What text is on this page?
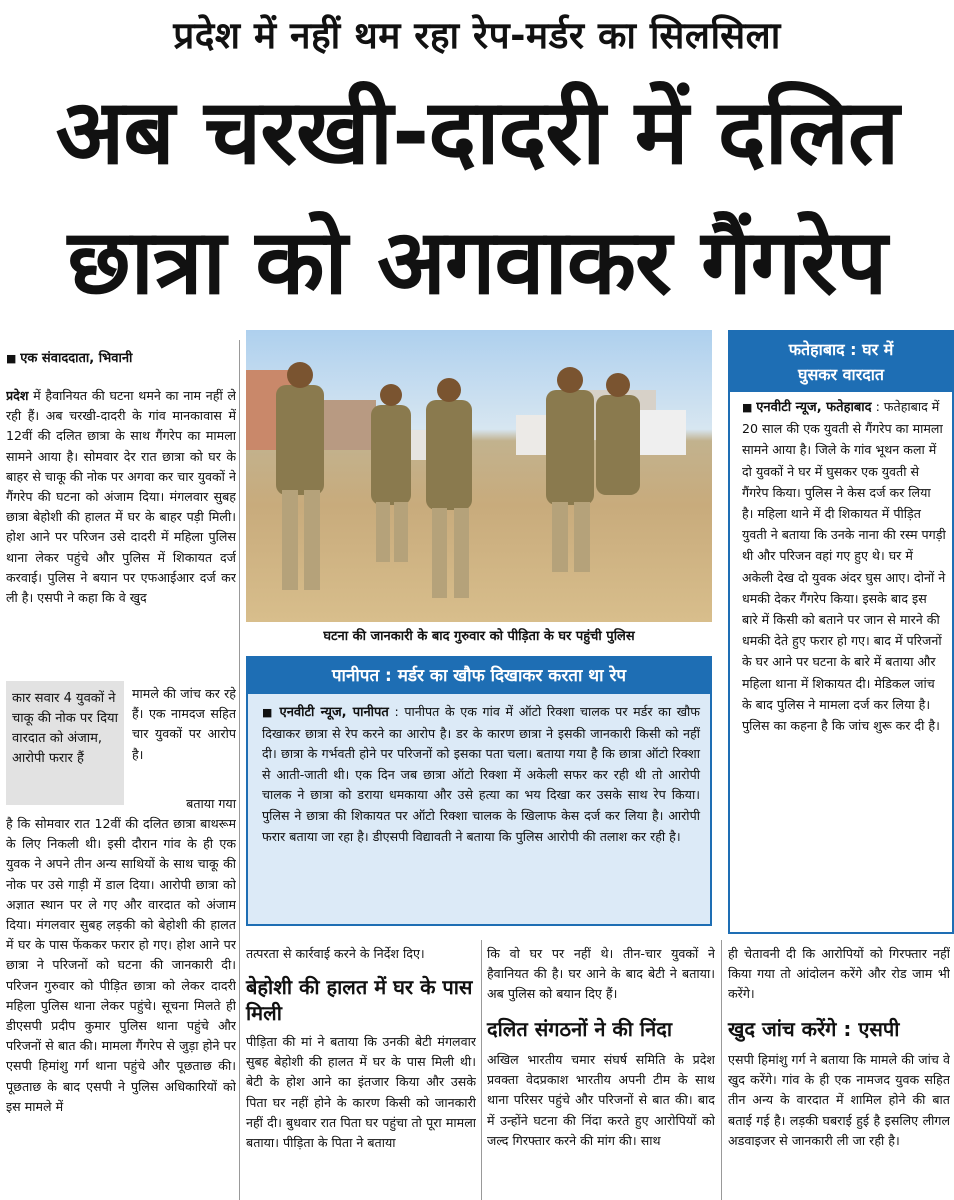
प्रदेश में नहीं थम रहा रेप-मर्डर का सिलसिला
अब चरखी-दादरी में दलित
छात्रा को अगवाकर गैंगरेप
■ एक संवाददाता, भिवानी
प्रदेश में हैवानियत की घटना थमने का नाम नहीं ले रही हैं। अब चरखी-दादरी के गांव मानकावास में 12वीं की दलित छात्रा के साथ गैंगरेप का मामला सामने आया है। सोमवार देर रात छात्रा को घर के बाहर से चाकू की नोक पर अगवा कर चार युवकों ने गैंगरेप की घटना को अंजाम दिया। मंगलवार सुबह छात्रा बेहोशी की हालत में घर के बाहर पड़ी मिली। होश आने पर परिजन उसे दादरी में महिला पुलिस थाना लेकर पहुंचे और पुलिस में शिकायत दर्ज करवाई। पुलिस ने बयान पर एफआईआर दर्ज कर ली है। एसपी ने कहा कि वे खुद
कार सवार 4 युवकों ने चाकू की नोक पर दिया वारदात को अंजाम, आरोपी फरार हैं
मामले की जांच कर रहे हैं। एक नामदज सहित चार युवकों पर आरोप है।
बताया गया
है कि सोमवार रात 12वीं की दलित छात्रा बाथरूम के लिए निकली थी। इसी दौरान गांव के ही एक युवक ने अपने तीन अन्य साथियों के साथ चाकू की नोक पर उसे गाड़ी में डाल दिया। आरोपी छात्रा को अज्ञात स्थान पर ले गए और वारदात को अंजाम दिया। मंगलवार सुबह लड़की को बेहोशी की हालत में घर के पास फेंककर फरार हो गए। होश आने पर छात्रा ने परिजनों को घटना की जानकारी दी। परिजन गुरुवार को पीड़ित छात्रा को लेकर दादरी महिला पुलिस थाना लेकर पहुंचे। सूचना मिलते ही डीएसपी प्रदीप कुमार पुलिस थाना पहुंचे और परिजनों से बात की। मामला गैंगरेप से जुड़ा होने पर एसपी हिमांशु गर्ग थाना पहुंचे और पूछताछ की। पूछताछ के बाद एसपी ने पुलिस अधिकारियों को इस मामले में
घटना की जानकारी के बाद गुरुवार को पीड़िता के घर पहुंची पुलिस
पानीपत : मर्डर का खौफ दिखाकर करता था रेप
■ एनवीटी न्यूज, पानीपत : पानीपत के एक गांव में ऑटो रिक्शा चालक पर मर्डर का खौफ दिखाकर छात्रा से रेप करने का आरोप है। डर के कारण छात्रा ने इसकी जानकारी किसी को नहीं दी। छात्रा के गर्भवती होने पर परिजनों को इसका पता चला। बताया गया है कि छात्रा ऑटो रिक्शा से आती-जाती थी। एक दिन जब छात्रा ऑटो रिक्शा में अकेली सफर कर रही थी तो आरोपी चालक ने छात्रा को डराया धमकाया और उसे हत्या का भय दिखा कर उसके साथ रेप किया। पुलिस ने छात्रा की शिकायत पर ऑटो रिक्शा चालक के खिलाफ केस दर्ज कर लिया है। आरोपी फरार बताया जा रहा है। डीएसपी विद्यावती ने बताया कि पुलिस आरोपी की तलाश कर रही है।
फतेहाबाद : घर में
घुसकर वारदात
■ एनवीटी न्यूज, फतेहाबाद : फतेहाबाद में 20 साल की एक युवती से गैंगरेप का मामला सामने आया है। जिले के गांव भूथन कला में दो युवकों ने घर में घुसकर एक युवती से गैंगरेप किया। पुलिस ने केस दर्ज कर लिया है। महिला थाने में दी शिकायत में पीड़ित युवती ने बताया कि उनके नाना की रस्म पगड़ी थी और परिजन वहां गए हुए थे। घर में अकेली देख दो युवक अंदर घुस आए। दोनों ने धमकी देकर गैंगरेप किया। इसके बाद इस बारे में किसी को बताने पर जान से मारने की धमकी देते हुए फरार हो गए। बाद में परिजनों के घर आने पर घटना के बारे में बताया और महिला थाना में शिकायत दी। मेडिकल जांच के बाद पुलिस ने मामला दर्ज कर लिया है। पुलिस का कहना है कि जांच शुरू कर दी है।
तत्परता से कार्रवाई करने के निर्देश दिए।
बेहोशी की हालत में घर के पास मिली
पीड़िता की मां ने बताया कि उनकी बेटी मंगलवार सुबह बेहोशी की हालत में घर के पास मिली थी। बेटी के होश आने का इंतजार किया और उसके पिता घर नहीं होने के कारण किसी को जानकारी नहीं दी। बुधवार रात पिता घर पहुंचा तो पूरा मामला बताया। पीड़िता के पिता ने बताया
कि वो घर पर नहीं थे। तीन-चार युवकों ने हैवानियत की है। घर आने के बाद बेटी ने बताया। अब पुलिस को बयान दिए हैं।
दलित संगठनों ने की निंदा
अखिल भारतीय चमार संघर्ष समिति के प्रदेश प्रवक्ता वेदप्रकाश भारतीय अपनी टीम के साथ थाना परिसर पहुंचे और परिजनों से बात की। बाद में उन्होंने घटना की निंदा करते हुए आरोपियों को जल्द गिरफ्तार करने की मांग की। साथ
ही चेतावनी दी कि आरोपियों को गिरफ्तार नहीं किया गया तो आंदोलन करेंगे और रोड जाम भी करेंगे।
खुद जांच करेंगे : एसपी
एसपी हिमांशु गर्ग ने बताया कि मामले की जांच वे खुद करेंगे। गांव के ही एक नामजद युवक सहित तीन अन्य के वारदात में शामिल होने की बात बताई गई है। लड़की घबराई हुई है इसलिए लीगल अडवाइजर से जानकारी ली जा रही है।
